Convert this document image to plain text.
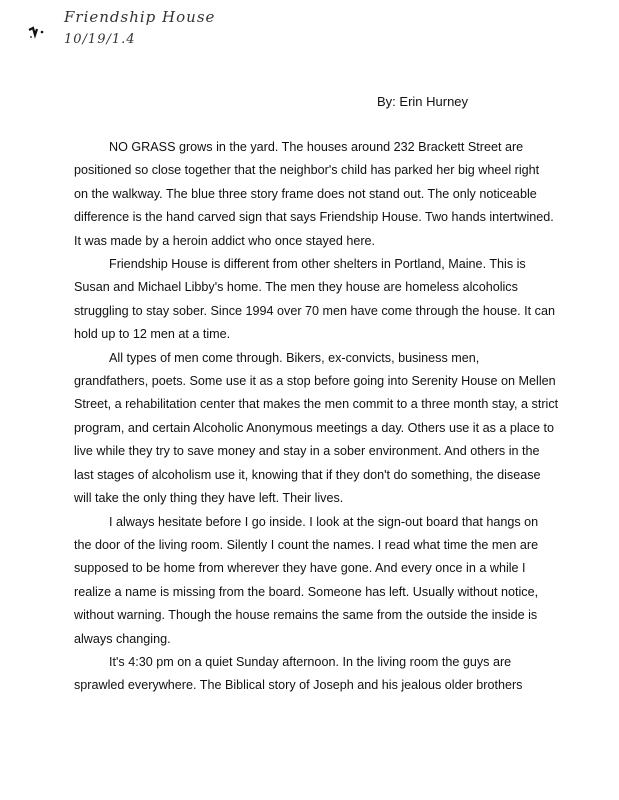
Friendship House
10/19/1.4
By: Erin Hurney

NO GRASS grows in the yard. The houses around 232 Brackett Street are
positioned so close together that the neighbor's child has parked her big wheel right
on the walkway. The blue three story frame does not stand out. The only noticeable
difference is the hand carved sign that says Friendship House. Two hands intertwined.
It was made by a heroin addict who once stayed here.

Friendship House is different from other shelters in Portland, Maine. This is
Susan and Michael Libby's home. The men they house are homeless alcoholics
struggling to stay sober. Since 1994 over 70 men have come through the house. It can
hold up to 12 men at a time.

All types of men come through. Bikers, ex-convicts, business men,
grandfathers, poets. Some use it as a stop before going into Serenity House on Mellen
Street, a rehabilitation center that makes the men commit to a three month stay, a strict
program, and certain Alcoholic Anonymous meetings a day. Others use it as a place to
live while they try to save money and stay in a sober environment. And others in the
last stages of alcoholism use it, knowing that if they don't do something, the disease
will take the only thing they have left. Their lives.

I always hesitate before I go inside. I look at the sign-out board that hangs on
the door of the living room. Silently I count the names. I read what time the men are
supposed to be home from wherever they have gone. And every once in a while I
realize a name is missing from the board. Someone has left. Usually without notice,
without warning. Though the house remains the same from the outside the inside is
always changing.

It's 4:30 pm on a quiet Sunday afternoon. In the living room the guys are
sprawled everywhere. The Biblical story of Joseph and his jealous older brothers
